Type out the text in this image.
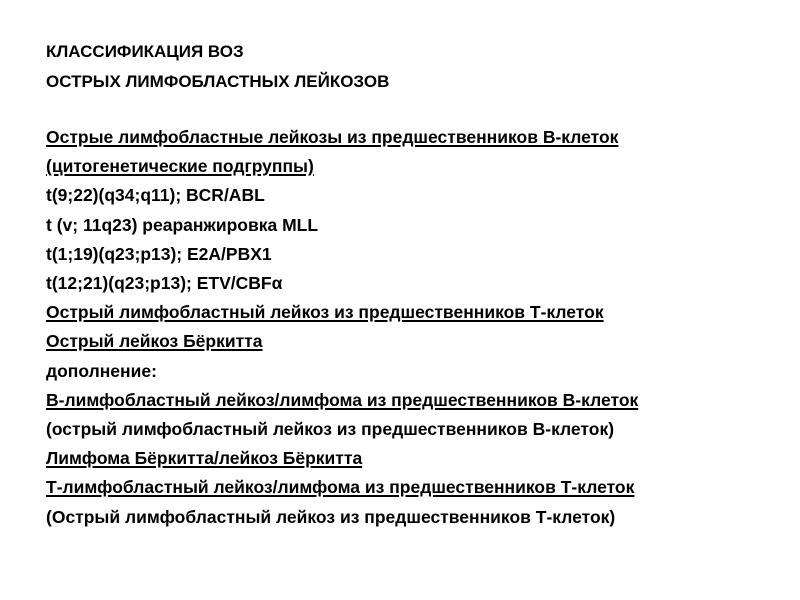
КЛАССИФИКАЦИЯ ВОЗ
ОСТРЫХ ЛИМФОБЛАСТНЫХ ЛЕЙКОЗОВ
Острые лимфобластные лейкозы из предшественников В-клеток
(цитогенетические подгруппы)
t(9;22)(q34;q11); BCR/ABL
t (v; 11q23) реаранжировка MLL
t(1;19)(q23;p13); E2A/PBX1
t(12;21)(q23;p13); ETV/CBFα
Острый лимфобластный лейкоз из предшественников Т-клеток
Острый лейкоз Бёркитта
дополнение:
В-лимфобластный лейкоз/лимфома из предшественников В-клеток
(острый лимфобластный лейкоз из предшественников В-клеток)
Лимфома Бёркитта/лейкоз Бёркитта
Т-лимфобластный лейкоз/лимфома из предшественников Т-клеток
(Острый лимфобластный лейкоз из предшественников Т-клеток)
